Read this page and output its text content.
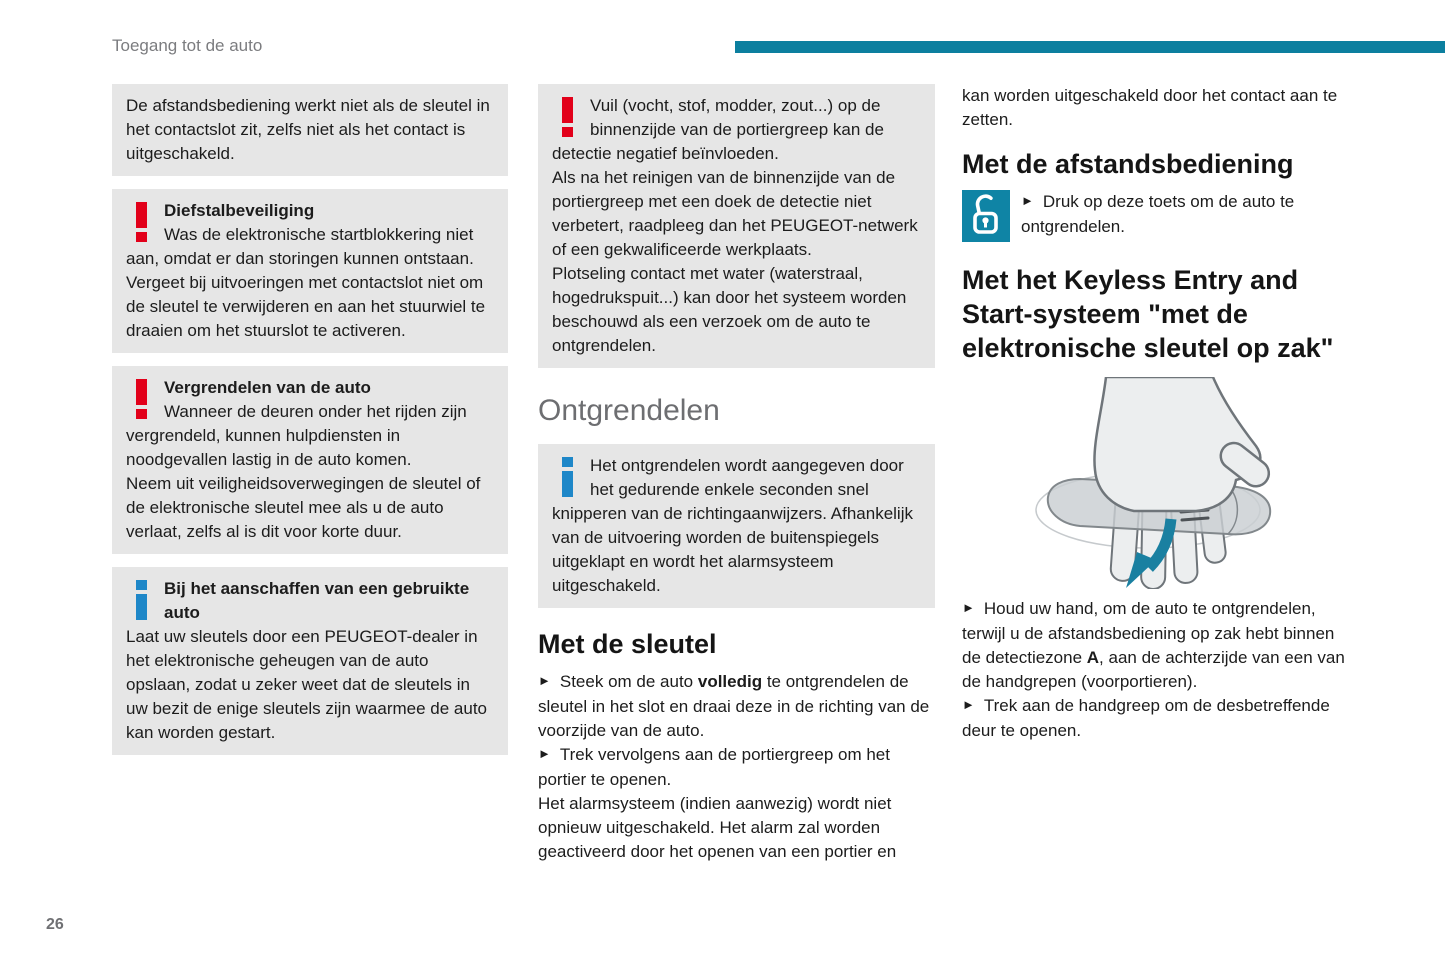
Toegang tot de auto

De afstandsbediening werkt niet als de sleutel in het contactslot zit, zelfs niet als het contact is uitgeschakeld.

Diefstalbeveiliging

Was de elektronische startblokkering niet aan, omdat er dan storingen kunnen ontstaan.

Vergeet bij uitvoeringen met contactslot niet om de sleutel te verwijderen en aan het stuurwiel te draaien om het stuurslot te activeren.

Vergrendelen van de auto

Wanneer de deuren onder het rijden zijn vergrendeld, kunnen hulpdiensten in noodgevallen lastig in de auto komen.

Neem uit veiligheidsoverwegingen de sleutel of de elektronische sleutel mee als u de auto verlaat, zelfs al is dit voor korte duur.

Bij het aanschaffen van een gebruikte auto

Laat uw sleutels door een PEUGEOT-dealer in het elektronische geheugen van de auto opslaan, zodat u zeker weet dat de sleutels in uw bezit de enige sleutels zijn waarmee de auto kan worden gestart.

Vuil (vocht, stof, modder, zout...) op de binnenzijde van de portiergreep kan de detectie negatief beïnvloeden.

Als na het reinigen van de binnenzijde van de portiergreep met een doek de detectie niet verbetert, raadpleeg dan het PEUGEOT-netwerk of een gekwalificeerde werkplaats.

Plotseling contact met water (waterstraal, hogedrukspuit...) kan door het systeem worden beschouwd als een verzoek om de auto te ontgrendelen.

Ontgrendelen

Het ontgrendelen wordt aangegeven door het gedurende enkele seconden snel knipperen van de richtingaanwijzers. Afhankelijk van de uitvoering worden de buitenspiegels uitgeklapt en wordt het alarmsysteem uitgeschakeld.

Met de sleutel

► Steek om de auto volledig te ontgrendelen de sleutel in het slot en draai deze in de richting van de voorzijde van de auto.

► Trek vervolgens aan de portiergreep om het portier te openen.

Het alarmsysteem (indien aanwezig) wordt niet opnieuw uitgeschakeld. Het alarm zal worden geactiveerd door het openen van een portier en

kan worden uitgeschakeld door het contact aan te zetten.

Met de afstandsbediening

► Druk op deze toets om de auto te ontgrendelen.

Met het Keyless Entry and Start-systeem "met de elektronische sleutel op zak"

► Houd uw hand, om de auto te ontgrendelen, terwijl u de afstandsbediening op zak hebt binnen de detectiezone A, aan de achterzijde van een van de handgrepen (voorportieren).

► Trek aan de handgreep om de desbetreffende deur te openen.

26
